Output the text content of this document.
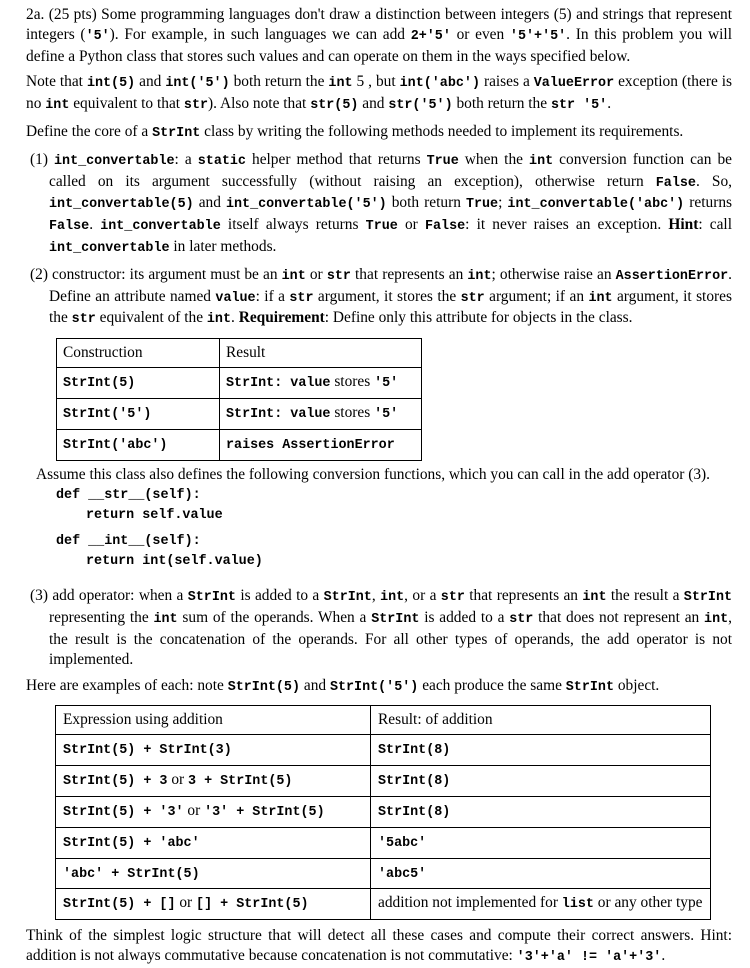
2a. (25 pts) Some programming languages don't draw a distinction between integers (5) and strings that represent integers ('5'). For example, in such languages we can add 2+'5' or even '5'+'5'. In this problem you will define a Python class that stores such values and can operate on them in the ways specified below.

Note that int(5) and int('5') both return the int 5 , but int('abc') raises a ValueError exception (there is no int equivalent to that str). Also note that str(5) and str('5') both return the str '5'.

Define the core of a StrInt class by writing the following methods needed to implement its requirements.

(1) int_convertable: a static helper method that returns True when the int conversion function can be called on its argument successfully (without raising an exception), otherwise return False. So, int_convertable(5) and int_convertable('5') both return True; int_convertable('abc') returns False. int_convertable itself always returns True or False: it never raises an exception. Hint: call int_convertable in later methods.

(2) constructor: its argument must be an int or str that represents an int; otherwise raise an AssertionError. Define an attribute named value: if a str argument, it stores the str argument; if an int argument, it stores the str equivalent of the int. Requirement: Define only this attribute for objects in the class.

Construction	Result
StrInt(5)	StrInt: value stores '5'
StrInt('5')	StrInt: value stores '5'
StrInt('abc')	raises AssertionError

Assume this class also defines the following conversion functions, which you can call in the add operator (3).

def __str__(self):
return self.value
def __int__(self):
return int(self.value)

(3) add operator: when a StrInt is added to a StrInt, int, or a str that represents an int the result a StrInt representing the int sum of the operands. When a StrInt is added to a str that does not represent an int, the result is the concatenation of the operands. For all other types of operands, the add operator is not implemented.

Here are examples of each: note StrInt(5) and StrInt('5') each produce the same StrInt object.

Expression using addition	Result: of addition
StrInt(5) + StrInt(3)	StrInt(8)
StrInt(5) + 3 or 3 + StrInt(5)	StrInt(8)
StrInt(5) + '3' or '3' + StrInt(5)	StrInt(8)
StrInt(5) + 'abc'	'5abc'
'abc' + StrInt(5)	'abc5'
StrInt(5) + [] or [] + StrInt(5)	addition not implemented for list or any other type

Think of the simplest logic structure that will detect all these cases and compute their correct answers. Hint: addition is not always commutative because concatenation is not commutative: '3'+'a' != 'a'+'3'.
